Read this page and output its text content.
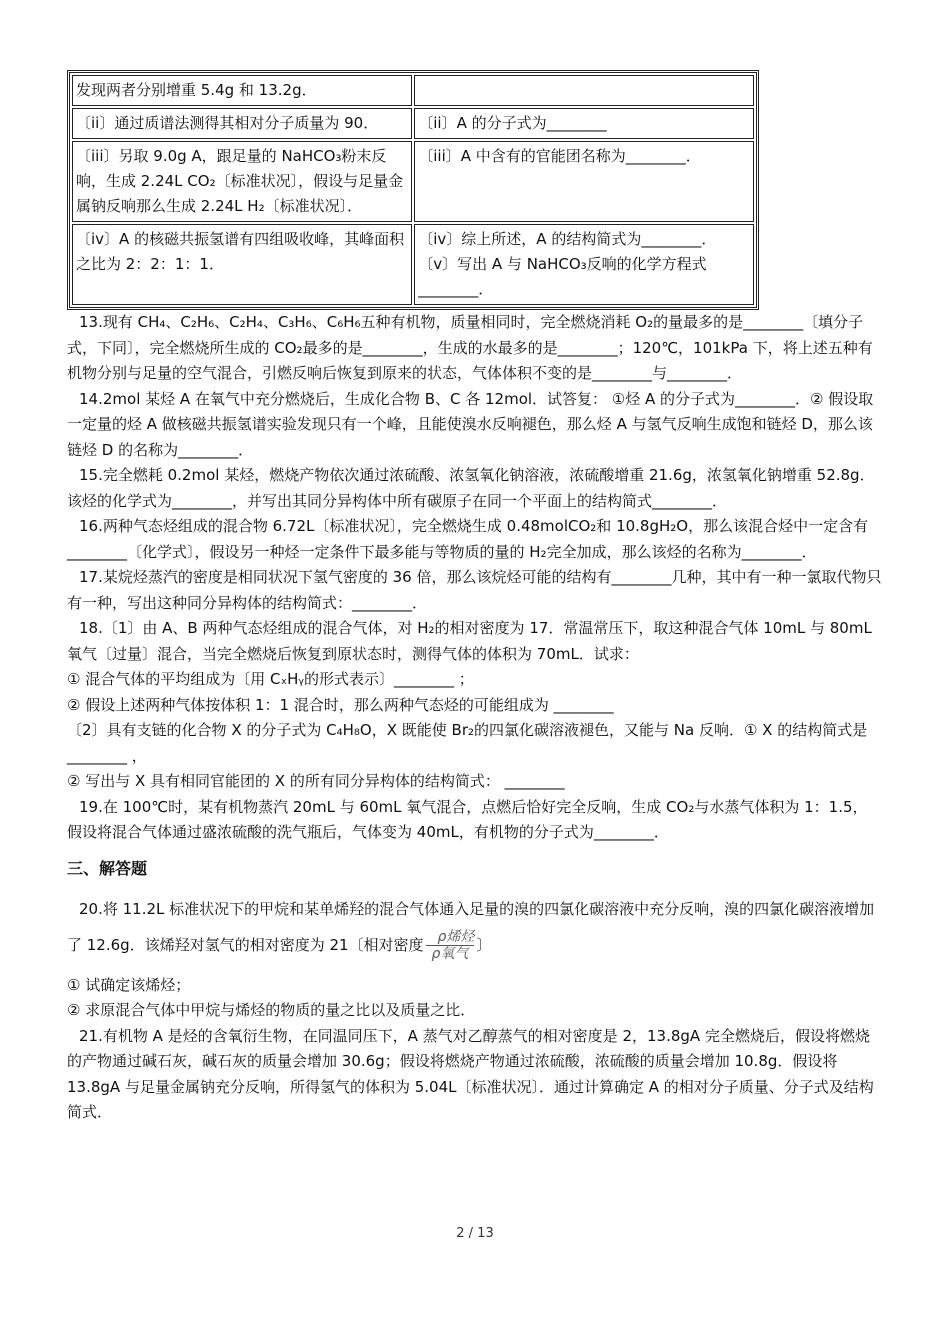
发现两者分别增重 5.4g 和 13.2g．	
〔ii〕通过质谱法测得其相对分子质量为 90．	〔ii〕A 的分子式为________
〔iii〕另取 9.0g A，跟足量的 NaHCO₃粉末反响，生成 2.24L CO₂〔标准状况〕，假设与足量金属钠反响那么生成 2.24L H₂〔标准状况〕．	〔iii〕A 中含有的官能团名称为________．
〔iv〕A 的核磁共振氢谱有四组吸收峰，其峰面积之比为 2：2：1：1．	〔iv〕综上所述，A 的结构简式为________．
〔v〕写出 A 与 NaHCO₃反响的化学方程式________．

13.现有 CH₄、C₂H₆、C₂H₄、C₃H₆、C₆H₆五种有机物，质量相同时，完全燃烧消耗 O₂的量最多的是________〔填分子式，下同〕，完全燃烧所生成的 CO₂最多的是________，生成的水最多的是________；120℃，101kPa 下，将上述五种有机物分别与足量的空气混合，引燃反响后恢复到原来的状态，气体体积不变的是________与________．

14.2mol 某烃 A 在氧气中充分燃烧后，生成化合物 B、C 各 12mol．试答复： ①烃 A 的分子式为________．② 假设取一定量的烃 A 做核磁共振氢谱实验发现只有一个峰，且能使溴水反响褪色，那么烃 A 与氢气反响生成饱和链烃 D，那么该链烃 D 的名称为________．

15.完全燃耗 0.2mol 某烃，燃烧产物依次通过浓硫酸、浓氢氧化钠溶液，浓硫酸增重 21.6g，浓氢氧化钠增重 52.8g．该烃的化学式为________，并写出其同分异构体中所有碳原子在同一个平面上的结构简式________．

16.两种气态烃组成的混合物 6.72L〔标准状况〕，完全燃烧生成 0.48molCO₂和 10.8gH₂O，那么该混合烃中一定含有________〔化学式〕，假设另一种烃一定条件下最多能与等物质的量的 H₂完全加成，那么该烃的名称为________．

17.某烷烃蒸汽的密度是相同状况下氢气密度的 36 倍，那么该烷烃可能的结构有________几种，其中有一种一氯取代物只有一种，写出这种同分异构体的结构简式：________．

18.〔1〕由 A、B 两种气态烃组成的混合气体，对 H₂的相对密度为 17．常温常压下，取这种混合气体 10mL 与 80mL 氧气〔过量〕混合，当完全燃烧后恢复到原状态时，测得气体的体积为 70mL．试求：

① 混合气体的平均组成为〔用 CₓHᵧ的形式表示〕________ ；

② 假设上述两种气体按体积 1：1 混合时，那么两种气态烃的可能组成为 ________

〔2〕具有支链的化合物 X 的分子式为 C₄H₈O，X 既能使 Br₂的四氯化碳溶液褪色，又能与 Na 反响．① X 的结构简式是 ________ ，

② 写出与 X 具有相同官能团的 X 的所有同分异构体的结构简式： ________

19.在 100℃时，某有机物蒸汽 20mL 与 60mL 氧气混合，点燃后恰好完全反响，生成 CO₂与水蒸气体积为 1：1.5，假设将混合气体通过盛浓硫酸的洗气瓶后，气体变为 40mL，有机物的分子式为________．

三、解答题

20.将 11.2L 标准状况下的甲烷和某单烯羟的混合气体通入足量的溴的四氯化碳溶液中充分反响，溴的四氯化碳溶液增加了 12.6g．该烯羟对氢气的相对密度为 21〔相对密度	ρ烯烃
ρ氧气 〕

① 试确定该烯烃；

② 求原混合气体中甲烷与烯烃的物质的量之比以及质量之比．

21.有机物 A 是烃的含氧衍生物，在同温同压下，A 蒸气对乙醇蒸气的相对密度是 2，13.8gA 完全燃烧后，假设将燃烧的产物通过碱石灰，碱石灰的质量会增加 30.6g；假设将燃烧产物通过浓硫酸，浓硫酸的质量会增加 10.8g．假设将 13.8gA 与足量金属钠充分反响，所得氢气的体积为 5.04L〔标准状况〕．通过计算确定 A 的相对分子质量、分子式及结构简式．

2 / 13
